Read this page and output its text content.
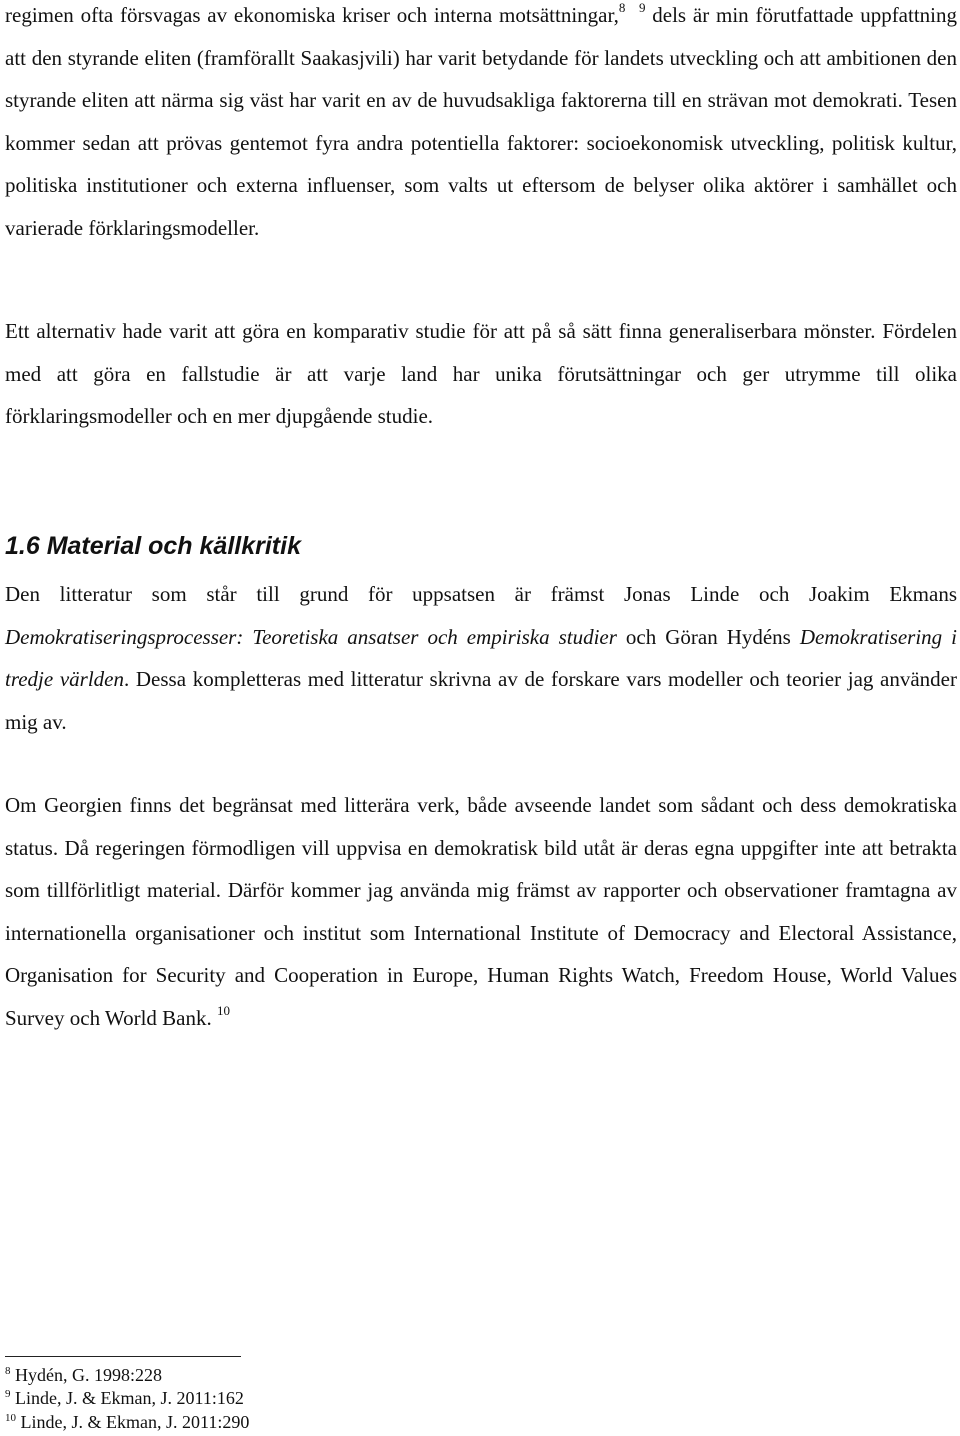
regimen ofta försvagas av ekonomiska kriser och interna motsättningar,$^8$ $^9$ dels är min förutfattade uppfattning att den styrande eliten (framförallt Saakasjvili) har varit betydande för landets utveckling och att ambitionen den styrande eliten att närma sig väst har varit en av de huvudsakliga faktorerna till en strävan mot demokrati. Tesen kommer sedan att prövas gentemot fyra andra potentiella faktorer: socioekonomisk utveckling, politisk kultur, politiska institutioner och externa influenser, som valts ut eftersom de belyser olika aktörer i samhället och varierade förklaringsmodeller.

Ett alternativ hade varit att göra en komparativ studie för att på så sätt finna generaliserbara mönster. Fördelen med att göra en fallstudie är att varje land har unika förutsättningar och ger utrymme till olika förklaringsmodeller och en mer djupgående studie.

1.6 Material och källkritik

Den litteratur som står till grund för uppsatsen är främst Jonas Linde och Joakim Ekmans Demokratiseringsprocesser: Teoretiska ansatser och empiriska studier och Göran Hydéns Demokratisering i tredje världen. Dessa kompletteras med litteratur skrivna av de forskare vars modeller och teorier jag använder mig av.

Om Georgien finns det begränsat med litterära verk, både avseende landet som sådant och dess demokratiska status. Då regeringen förmodligen vill uppvisa en demokratisk bild utåt är deras egna uppgifter inte att betrakta som tillförlitligt material. Därför kommer jag använda mig främst av rapporter och observationer framtagna av internationella organisationer och institut som International Institute of Democracy and Electoral Assistance, Organisation for Security and Cooperation in Europe, Human Rights Watch, Freedom House, World Values Survey och World Bank. $^{10}$

$^8$ Hydén, G. 1998:228
$^9$ Linde, J. & Ekman, J. 2011:162
$^{10}$ Linde, J. & Ekman, J. 2011:290
